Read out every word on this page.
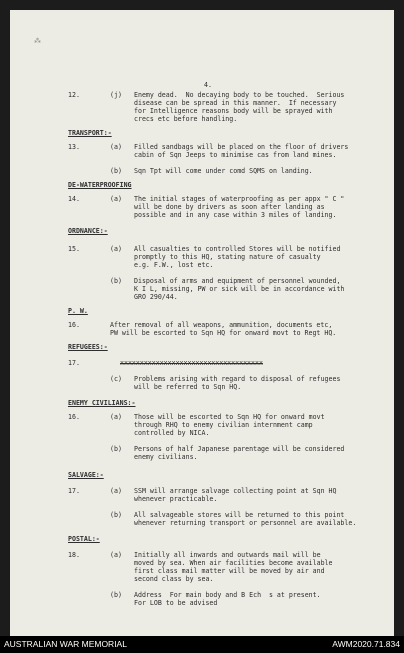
⁂
4.
12.	(j) Enemy dead.  No decaying body to be touched.  Serious
disease can be spread in this manner.  If necessary
for Intelligence reasons body will be sprayed with
crecs etc before handling.
TRANSPORT:-
13.	(a) Filled sandbags will be placed on the floor of drivers
cabin of Sqn Jeeps to minimise cas from land mines.
(b) Sqn Tpt will come under comd SQMS on landing.
DE-WATERPROOFING
14.	(a) The initial stages of waterproofing as per appx " C "
will be done by drivers as soon after landing as
possible and in any case within 3 miles of landing.
ORDNANCE:-
15.	(a) All casualties to controlled Stores will be notified
promptly to this HQ, stating nature of casualty
e.g. F.W., lost etc.
(b) Disposal of arms and equipment of personnel wounded,
K I L, missing, PW or sick will be in accordance with
GRO 290/44.
P. W.
16.	After removal of all weapons, ammunition, documents etc,
PW will be escorted to Sqn HQ for onward movt to Regt HQ.
REFUGEES:-
17.	xxxxxxxxxxxxxxxxxxxxxxxxxxxxxxxxxxxx
(c) Problems arising with regard to disposal of refugees
will be referred to Sqn HQ.
ENEMY CIVILIANS:-
16.	(a) Those will be escorted to Sqn HQ for onward movt
through RHQ to enemy civilian internment camp
controlled by NICA.
(b) Persons of half Japanese parentage will be considered
enemy civilians.
SALVAGE:-
17.	(a) SSM will arrange salvage collecting point at Sqn HQ
whenever practicable.
(b) All salvageable stores will be returned to this point
whenever returning transport or personnel are available.
POSTAL:-
18.	(a) Initially all inwards and outwards mail will be
moved by sea. When air facilities become available
first class mail matter will be moved by air and
second class by sea.
(b) Address  For main body and B Ech  s at present.
For LOB to be advised
AUSTRALIAN WAR MEMORIAL	AWM2020.71.834
